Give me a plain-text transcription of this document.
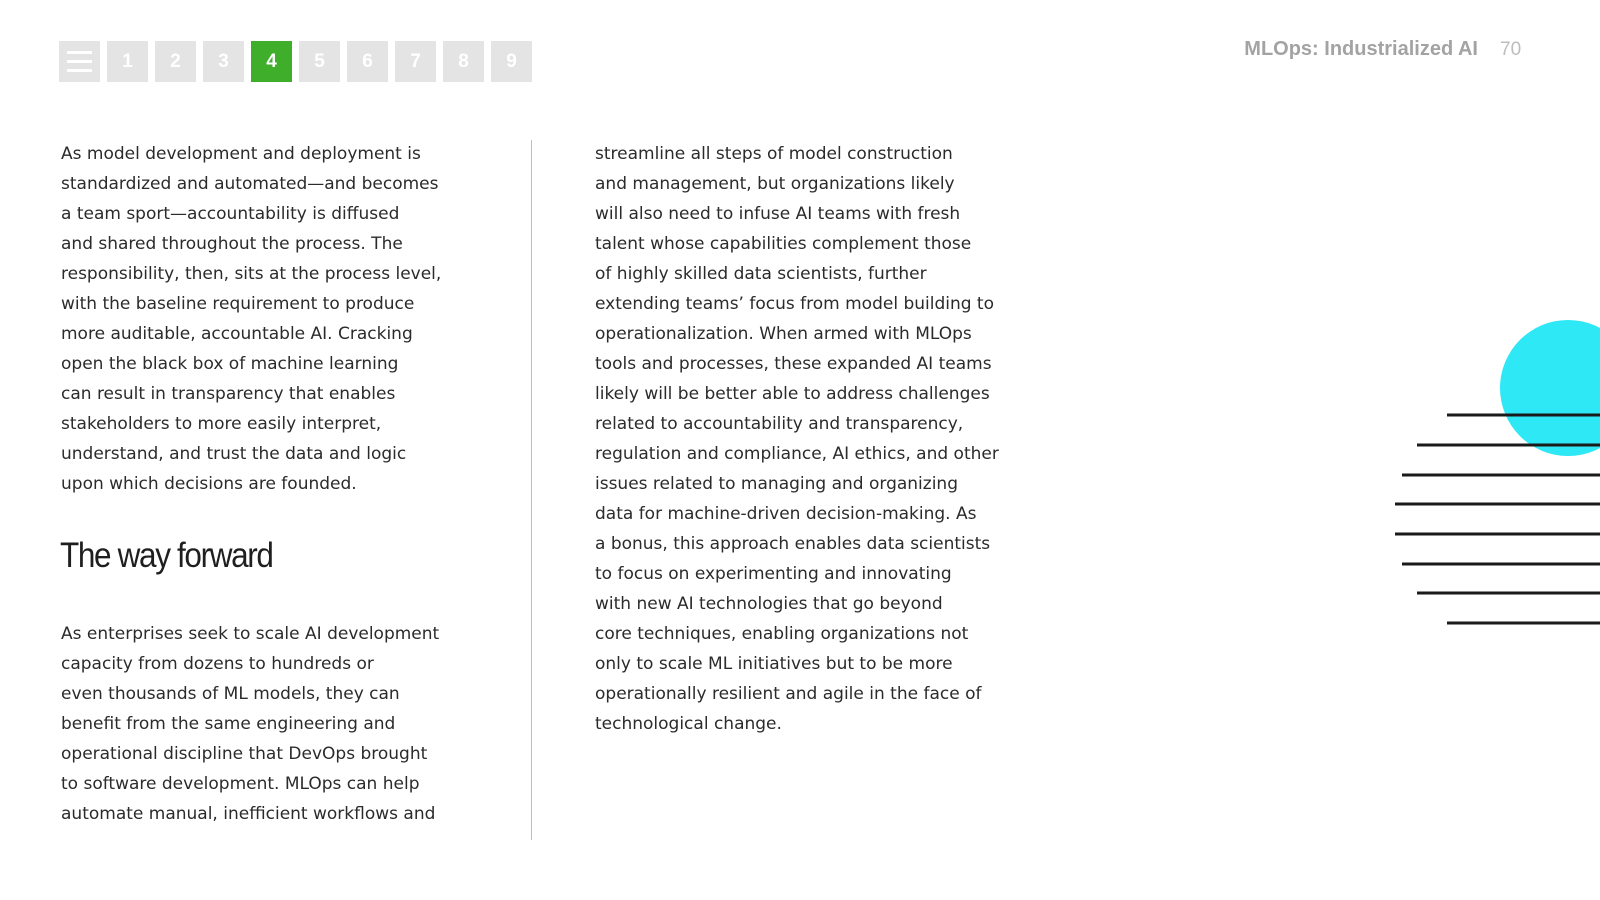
1	2	3	4	5	6	7	8	9
MLOps: Industrialized AI 70

As model development and deployment is
standardized and automated—and becomes
a team sport—accountability is diffused
and shared throughout the process. The
responsibility, then, sits at the process level,
with the baseline requirement to produce
more auditable, accountable AI. Cracking
open the black box of machine learning
can result in transparency that enables
stakeholders to more easily interpret,
understand, and trust the data and logic
upon which decisions are founded.

The way forward

As enterprises seek to scale AI development
capacity from dozens to hundreds or
even thousands of ML models, they can
benefit from the same engineering and
operational discipline that DevOps brought
to software development. MLOps can help
automate manual, inefficient workflows and

streamline all steps of model construction
and management, but organizations likely
will also need to infuse AI teams with fresh
talent whose capabilities complement those
of highly skilled data scientists, further
extending teams’ focus from model building to
operationalization. When armed with MLOps
tools and processes, these expanded AI teams
likely will be better able to address challenges
related to accountability and transparency,
regulation and compliance, AI ethics, and other
issues related to managing and organizing
data for machine-driven decision-making. As
a bonus, this approach enables data scientists
to focus on experimenting and innovating
with new AI technologies that go beyond
core techniques, enabling organizations not
only to scale ML initiatives but to be more
operationally resilient and agile in the face of
technological change.
